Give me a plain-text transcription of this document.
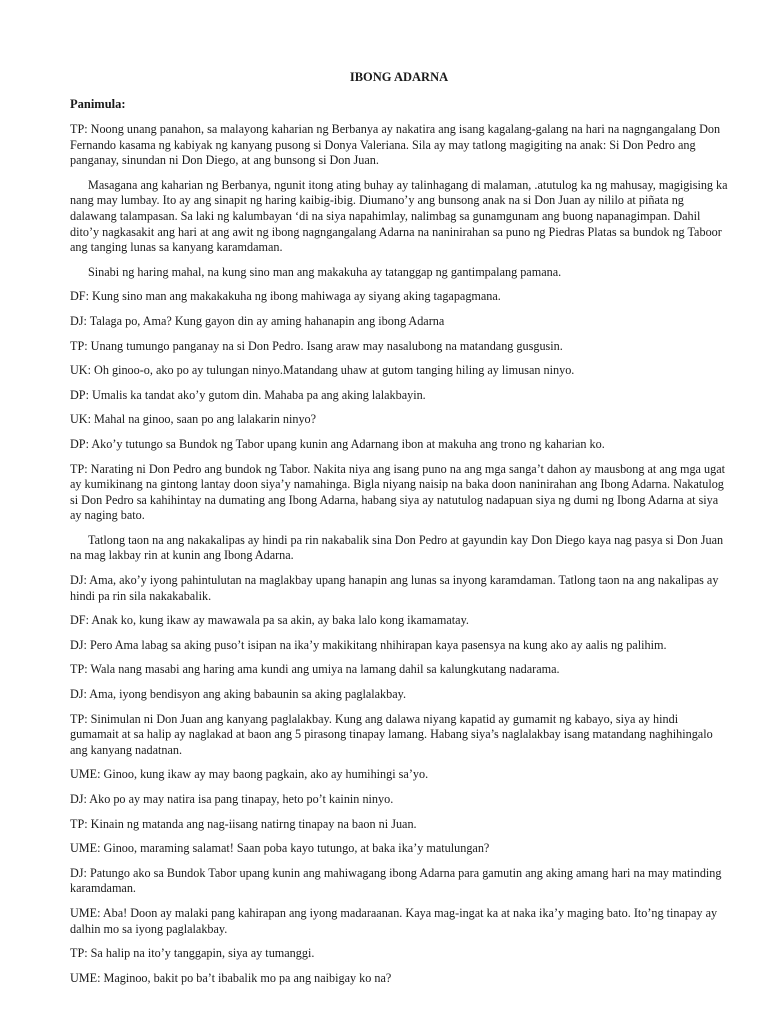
IBONG ADARNA

Panimula:

TP: Noong unang panahon, sa malayong kaharian ng Berbanya ay nakatira ang isang kagalang-galang na hari na nagngangalang Don Fernando kasama ng kabiyak ng kanyang pusong si Donya Valeriana. Sila ay may tatlong magigiting na anak: Si Don Pedro ang panganay, sinundan ni Don Diego, at ang bunsong si Don Juan.

Masagana ang kaharian ng Berbanya, ngunit itong ating buhay ay talinhagang di malaman, .atutulog ka ng mahusay, magigising ka nang may lumbay. Ito ay ang sinapit ng haring kaibig-ibig. Diumano’y ang bunsong anak na si Don Juan ay nililo at piñata ng dalawang talampasan. Sa laki ng kalumbayan ‘di na siya napahimlay, nalimbag sa gunamgunam ang buong napanagimpan. Dahil dito’y nagkasakit ang hari at ang awit ng ibong nagngangalang Adarna na naninirahan sa puno ng Piedras Platas sa bundok ng Taboor ang tanging lunas sa kanyang karamdaman.

Sinabi ng haring mahal, na kung sino man ang makakuha ay tatanggap ng gantimpalang pamana.

DF: Kung sino man ang makakakuha ng ibong mahiwaga ay siyang aking tagapagmana.

DJ: Talaga po, Ama? Kung gayon din ay aming hahanapin ang ibong Adarna

TP: Unang tumungo panganay na si Don Pedro. Isang araw may nasalubong na matandang gusgusin.

UK: Oh ginoo-o, ako po ay tulungan ninyo.Matandang uhaw at gutom tanging hiling ay limusan ninyo.

DP: Umalis ka tandat ako’y gutom din. Mahaba pa ang aking lalakbayin.

UK: Mahal na ginoo, saan po ang lalakarin ninyo?

DP: Ako’y tutungo sa Bundok ng Tabor upang kunin ang Adarnang ibon at makuha ang trono ng kaharian ko.

TP: Narating ni Don Pedro ang bundok ng Tabor. Nakita niya ang isang puno na ang mga sanga’t dahon ay mausbong at ang mga ugat ay kumikinang na gintong lantay doon siya’y namahinga. Bigla niyang naisip na baka doon naninirahan ang Ibong Adarna. Nakatulog si Don Pedro sa kahihintay na dumating ang Ibong Adarna, habang siya ay natutulog nadapuan siya ng dumi ng Ibong Adarna at siya ay naging bato.

Tatlong taon na ang nakakalipas ay hindi pa rin nakabalik sina Don Pedro at gayundin kay Don Diego kaya nag pasya si Don Juan na mag lakbay rin at kunin ang Ibong Adarna.

DJ: Ama, ako’y iyong pahintulutan na maglakbay upang hanapin ang lunas sa inyong karamdaman. Tatlong taon na ang nakalipas ay hindi pa rin sila nakakabalik.

DF: Anak ko, kung ikaw ay mawawala pa sa akin, ay baka lalo kong ikamamatay.

DJ: Pero Ama labag sa aking puso’t isipan na ika’y makikitang nhihirapan kaya pasensya na kung ako ay aalis ng palihim.

TP: Wala nang masabi ang haring ama kundi ang umiya na lamang dahil sa kalungkutang nadarama.

DJ: Ama, iyong bendisyon ang aking babaunin sa aking paglalakbay.

TP: Sinimulan ni Don Juan ang kanyang paglalakbay. Kung ang dalawa niyang kapatid ay gumamit ng kabayo, siya ay hindi gumamait at sa halip ay naglakad at baon ang 5 pirasong tinapay lamang. Habang siya’s naglalakbay isang matandang naghihingalo ang kanyang nadatnan.

UME: Ginoo, kung ikaw ay may baong pagkain, ako ay humihingi sa’yo.

DJ: Ako po ay may natira isa pang tinapay, heto po’t kainin ninyo.

TP: Kinain ng matanda ang nag-iisang natirng tinapay na baon ni Juan.

UME: Ginoo, maraming salamat! Saan poba kayo tutungo, at baka ika’y matulungan?

DJ: Patungo ako sa Bundok Tabor upang kunin ang mahiwagang ibong Adarna para gamutin ang aking amang hari na may matinding karamdaman.

UME: Aba! Doon ay malaki pang kahirapan ang iyong madaraanan. Kaya mag-ingat ka at naka ika’y maging bato. Ito’ng tinapay ay dalhin mo sa iyong paglalakbay.

TP: Sa halip na ito’y tanggapin, siya ay tumanggi.

UME: Maginoo, bakit po ba’t ibabalik mo pa ang naibigay ko na?
